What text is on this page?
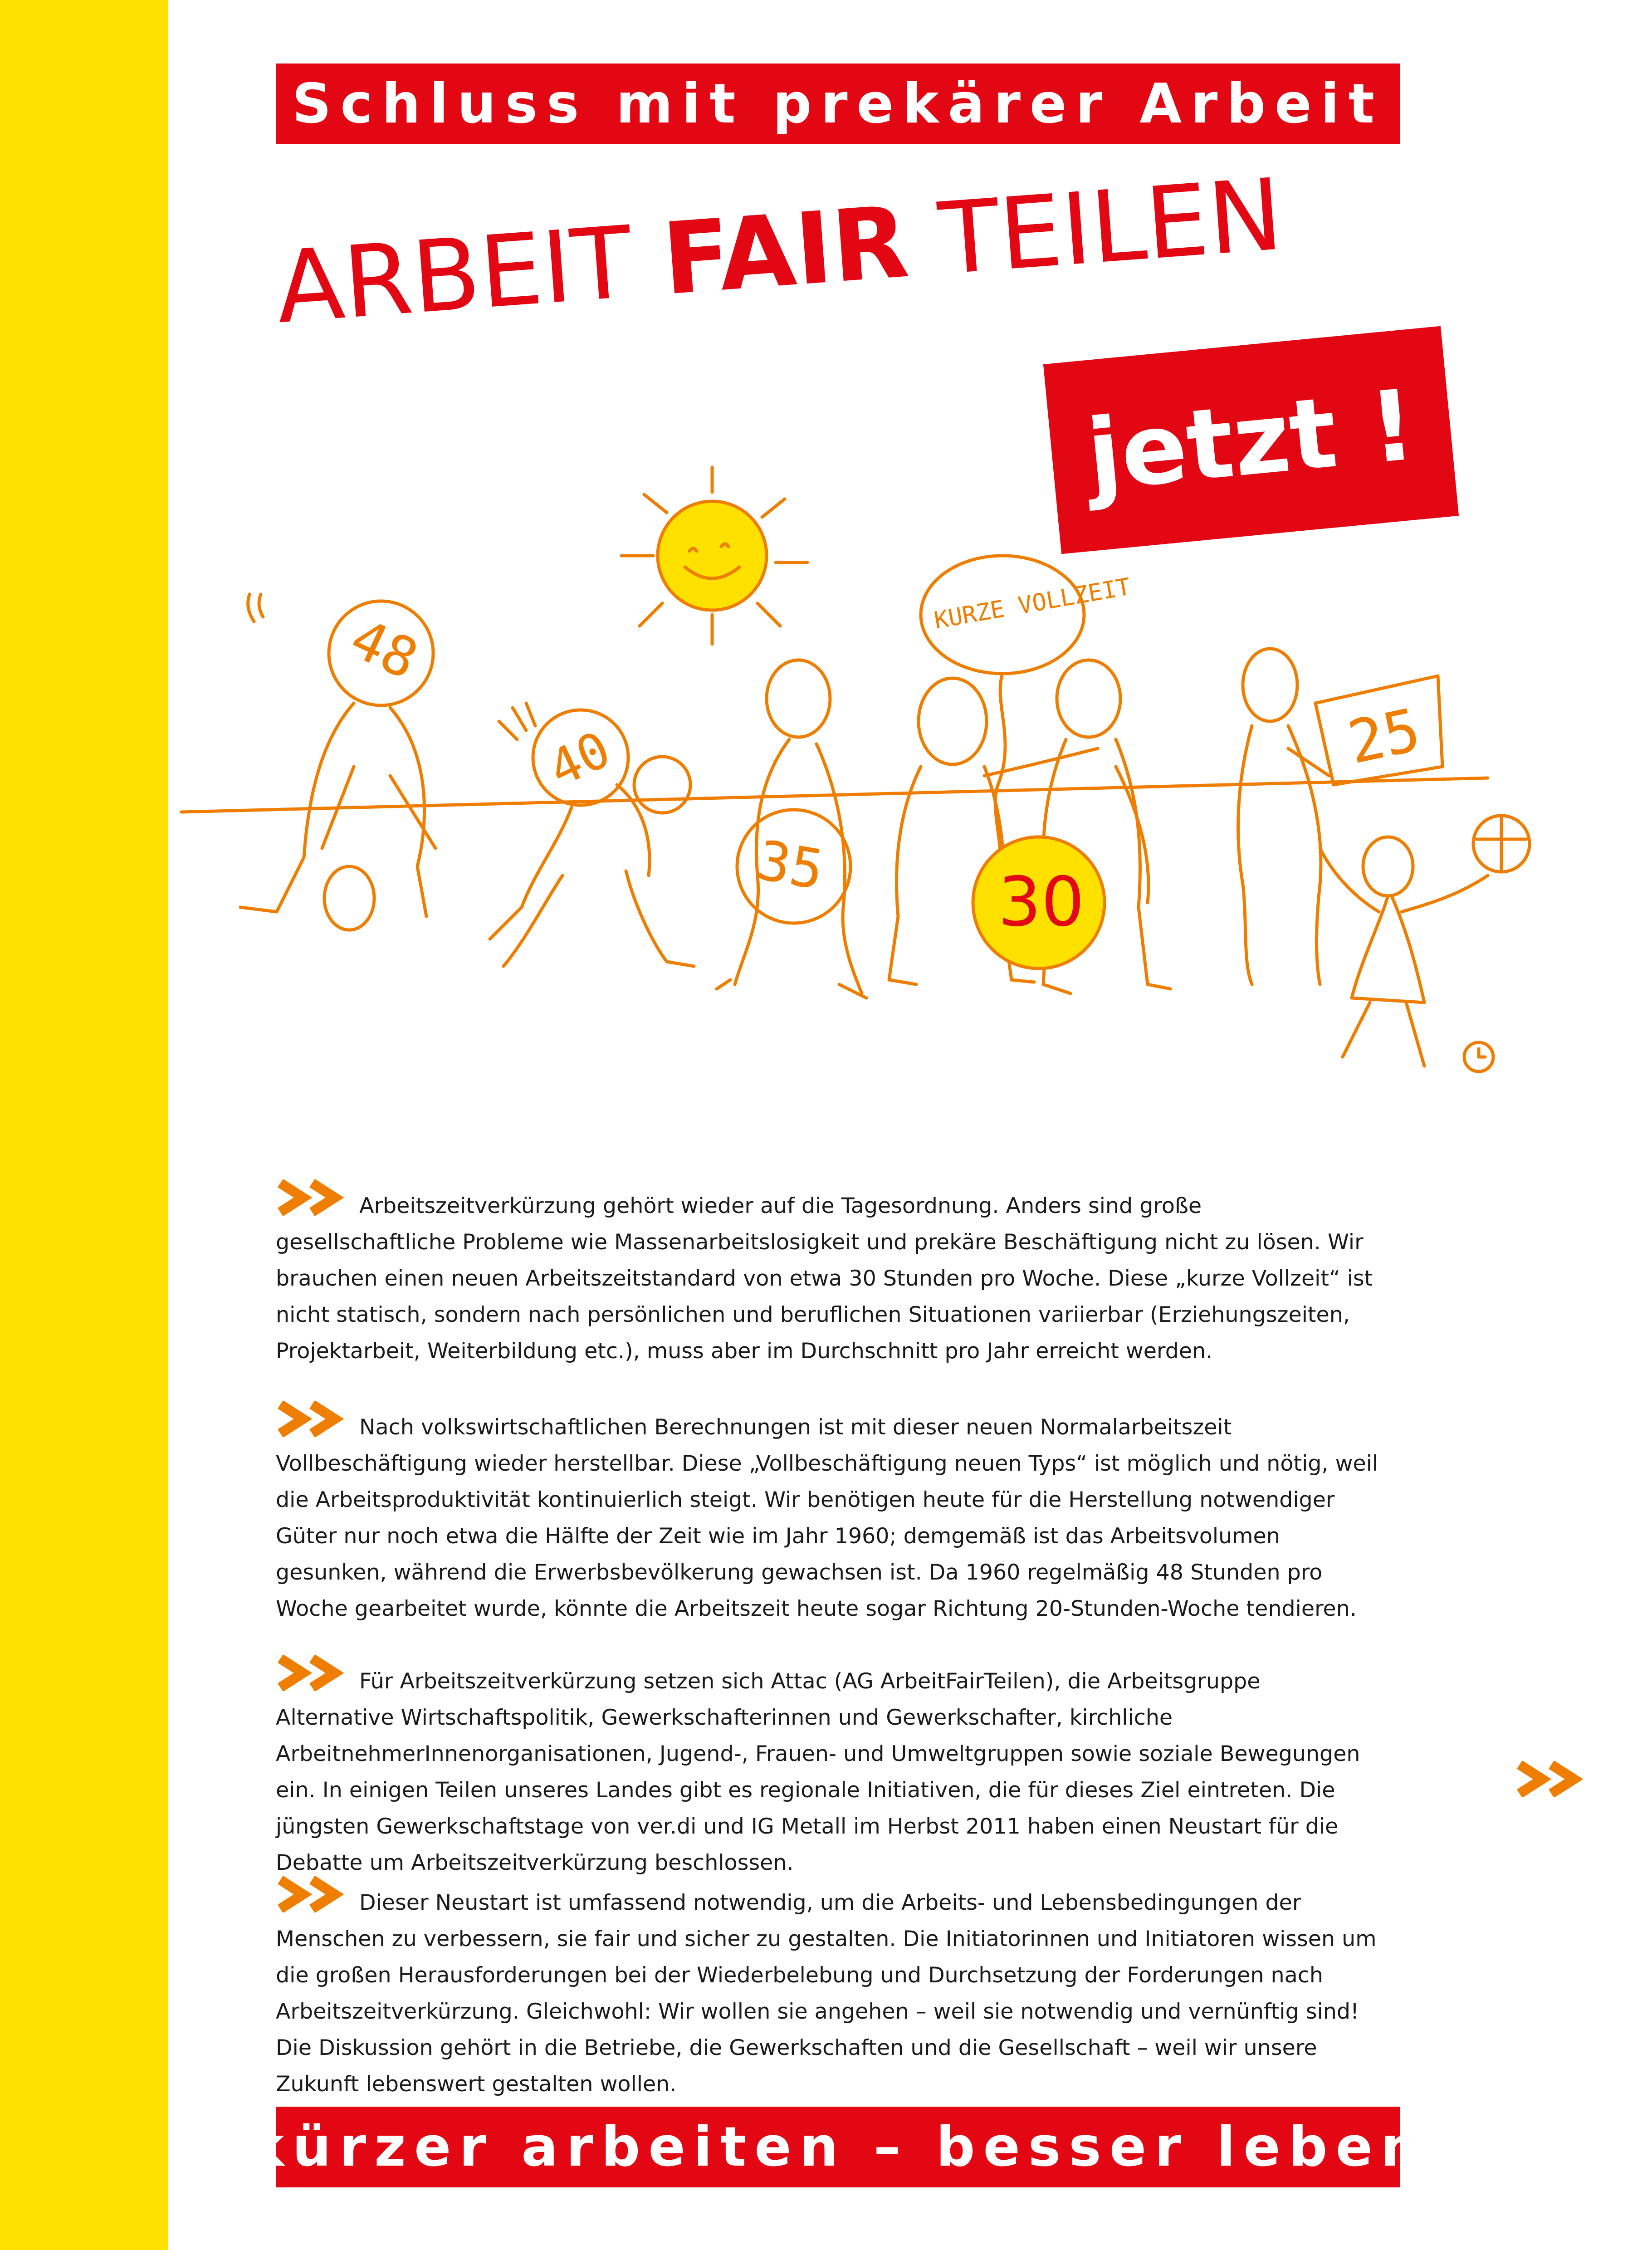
Schluss mit prekärer Arbeit
ARBEIT FAIR TEILEN
jetzt !
48
40
35
25
KURZE VOLLZEIT
30

Arbeitszeitverkürzung gehört wieder auf die Tagesordnung. Anders sind große gesellschaftliche Probleme wie Massenarbeitslosigkeit und prekäre Beschäftigung nicht zu lösen. Wir brauchen einen neuen Arbeitszeitstandard von etwa 30 Stunden pro Woche. Diese „kurze Vollzeit“ ist nicht statisch, sondern nach persönlichen und beruflichen Situationen variierbar (Erziehungszeiten, Projektarbeit, Weiterbildung etc.), muss aber im Durchschnitt pro Jahr erreicht werden.

Nach volkswirtschaftlichen Berechnungen ist mit dieser neuen Normalarbeitszeit Vollbeschäftigung wieder herstellbar. Diese „Vollbeschäftigung neuen Typs“ ist möglich und nötig, weil die Arbeitsproduktivität kontinuierlich steigt. Wir benötigen heute für die Herstellung notwendiger Güter nur noch etwa die Hälfte der Zeit wie im Jahr 1960; demgemäß ist das Arbeitsvolumen gesunken, während die Erwerbsbevölkerung gewachsen ist. Da 1960 regelmäßig 48 Stunden pro Woche gearbeitet wurde, könnte die Arbeitszeit heute sogar Richtung 20-Stunden-Woche tendieren.

Für Arbeitszeitverkürzung setzen sich Attac (AG ArbeitFairTeilen), die Arbeitsgruppe Alternative Wirtschaftspolitik, Gewerkschafterinnen und Gewerkschafter, kirchliche ArbeitnehmerInnenorganisationen, Jugend-, Frauen- und Umweltgruppen sowie soziale Bewegungen ein. In einigen Teilen unseres Landes gibt es regionale Initiativen, die für dieses Ziel eintreten. Die jüngsten Gewerkschaftstage von ver.di und IG Metall im Herbst 2011 haben einen Neustart für die Debatte um Arbeitszeitverkürzung beschlossen.

Dieser Neustart ist umfassend notwendig, um die Arbeits- und Lebensbedingungen der Menschen zu verbessern, sie fair und sicher zu gestalten. Die Initiatorinnen und Initiatoren wissen um die großen Herausforderungen bei der Wiederbelebung und Durchsetzung der Forderungen nach Arbeitszeitverkürzung. Gleichwohl: Wir wollen sie angehen – weil sie notwendig und vernünftig sind! Die Diskussion gehört in die Betriebe, die Gewerkschaften und die Gesellschaft – weil wir unsere Zukunft lebenswert gestalten wollen.

kürzer arbeiten – besser leben
